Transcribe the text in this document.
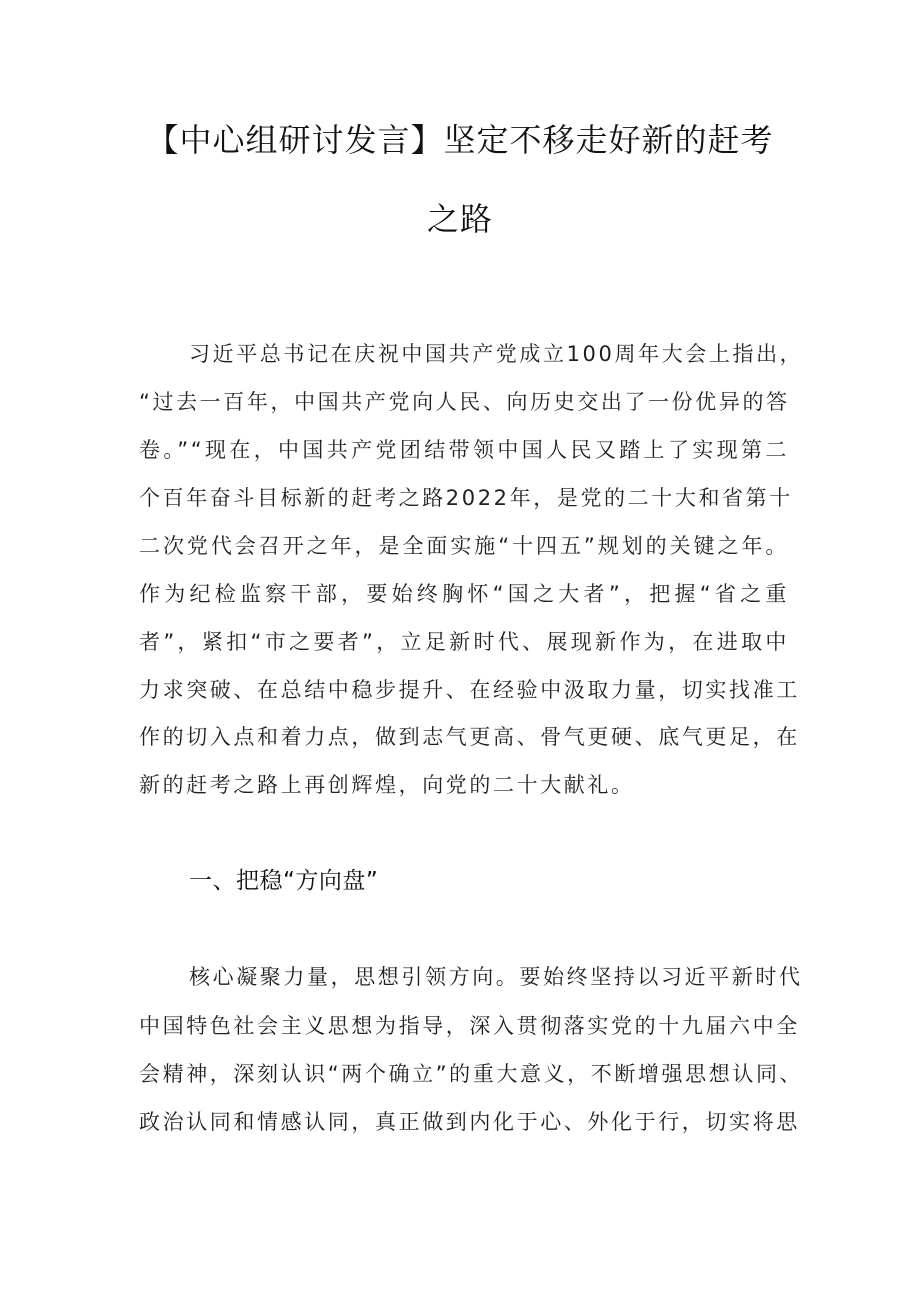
【中心组研讨发言】坚定不移走好新的赶考
之路
习近平总书记在庆祝中国共产党成立100周年大会上指出，
“过去一百年，中国共产党向人民、向历史交出了一份优异的答
卷。”“现在，中国共产党团结带领中国人民又踏上了实现第二
个百年奋斗目标新的赶考之路2022年，是党的二十大和省第十
二次党代会召开之年，是全面实施“十四五”规划的关键之年。
作为纪检监察干部，要始终胸怀“国之大者”，把握“省之重
者”，紧扣“市之要者”，立足新时代、展现新作为，在进取中
力求突破、在总结中稳步提升、在经验中汲取力量，切实找准工
作的切入点和着力点，做到志气更高、骨气更硬、底气更足，在
新的赶考之路上再创辉煌，向党的二十大献礼。
一、把稳“方向盘”
核心凝聚力量，思想引领方向。要始终坚持以习近平新时代
中国特色社会主义思想为指导，深入贯彻落实党的十九届六中全
会精神，深刻认识“两个确立”的重大意义，不断增强思想认同、
政治认同和情感认同，真正做到内化于心、外化于行，切实将思
